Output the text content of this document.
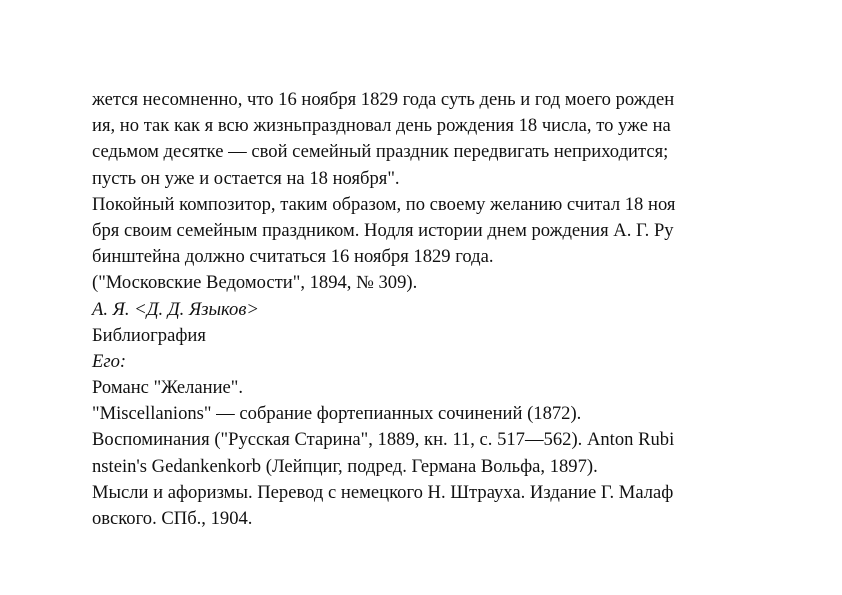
жется несомненно, что 16 ноября 1829 года суть день и год моего рожден
ия, но так как я всю жизньпраздновал день рождения 18 числа, то уже на
седьмом десятке — свой семейный праздник передвигать неприходится;
пусть он уже и остается на 18 ноября".
Покойный композитор, таким образом, по своему желанию считал 18 ноя
бря своим семейным праздником. Нодля истории днем рождения А. Г. Ру
бинштейна должно считаться 16 ноября 1829 года.
("Московские Ведомости", 1894, № 309).
А. Я. <Д. Д. Языков>
Библиография
Его:
Романс "Желание".
"Miscellanions" — собрание фортепианных сочинений (1872).
Воспоминания ("Русская Старина", 1889, кн. 11, с. 517—562). Anton Rubi
nstein's Gedankenkorb (Лейпциг, подред. Германа Вольфа, 1897).
Мысли и афоризмы. Перевод с немецкого Н. Штрауха. Издание Г. Малаф
овского. СПб., 1904.
